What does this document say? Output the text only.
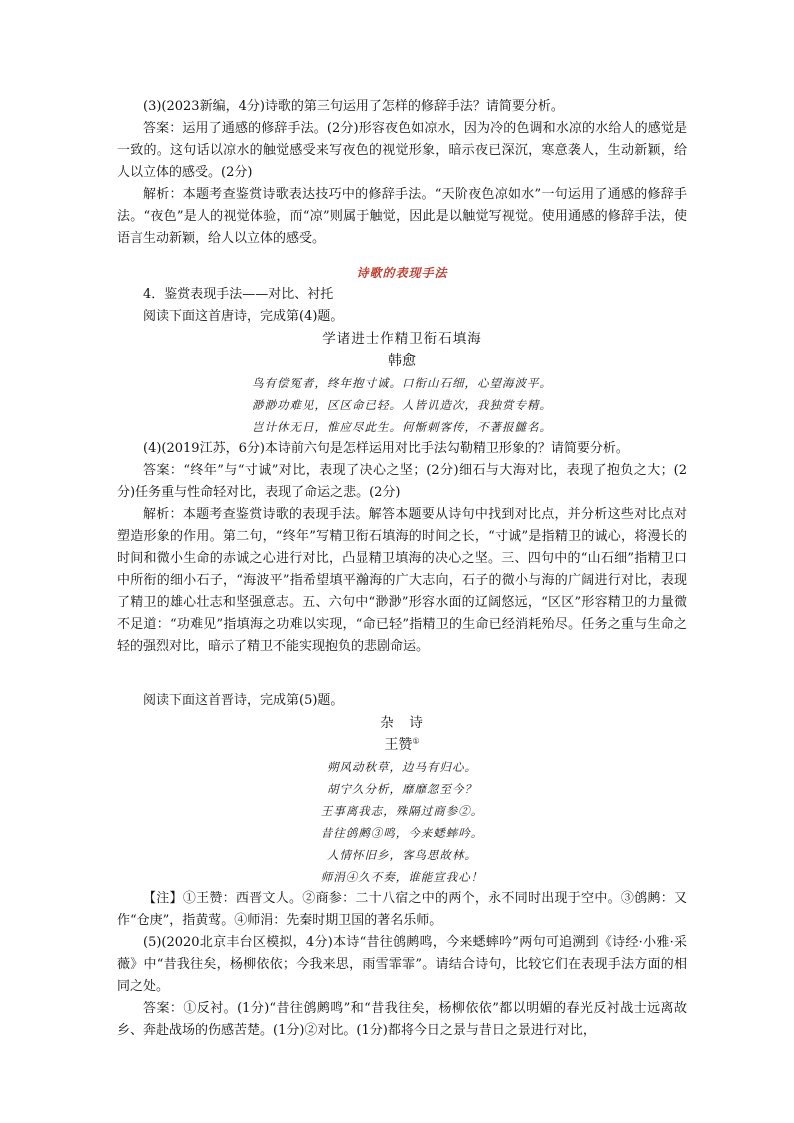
(3)(2023新编，4分)诗歌的第三句运用了怎样的修辞手法？请简要分析。

答案：运用了通感的修辞手法。(2分)形容夜色如凉水，因为冷的色调和水凉的水给人的感觉是一致的。这句话以凉水的触觉感受来写夜色的视觉形象，暗示夜已深沉，寒意袭人，生动新颖，给人以立体的感受。(2分)

解析：本题考查鉴赏诗歌表达技巧中的修辞手法。“天阶夜色凉如水”一句运用了通感的修辞手法。“夜色”是人的视觉体验，而“凉”则属于触觉，因此是以触觉写视觉。使用通感的修辞手法，使语言生动新颖，给人以立体的感受。

诗歌的表现手法

4．鉴赏表现手法——对比、衬托

阅读下面这首唐诗，完成第(4)题。

学诸进士作精卫衔石填海

韩愈

鸟有偿冤者，终年抱寸诚。口衔山石细，心望海波平。

渺渺功难见，区区命已轻。人皆讥造次，我独赏专精。

岂计休无日，惟应尽此生。何惭刺客传，不著报雠名。

(4)(2019江苏，6分)本诗前六句是怎样运用对比手法勾勒精卫形象的？请简要分析。

答案：“终年”与“寸诚”对比，表现了决心之坚；(2分)细石与大海对比，表现了抱负之大；(2分)任务重与性命轻对比，表现了命运之悲。(2分)

解析：本题考查鉴赏诗歌的表现手法。解答本题要从诗句中找到对比点，并分析这些对比点对塑造形象的作用。第二句，“终年”写精卫衔石填海的时间之长，“寸诚”是指精卫的诚心，将漫长的时间和微小生命的赤诚之心进行对比，凸显精卫填海的决心之坚。三、四句中的“山石细”指精卫口中所衔的细小石子，“海波平”指希望填平瀚海的广大志向，石子的微小与海的广阔进行对比，表现了精卫的雄心壮志和坚强意志。五、六句中“渺渺”形容水面的辽阔悠远，“区区”形容精卫的力量微不足道：“功难见”指填海之功难以实现，“命已轻”指精卫的生命已经消耗殆尽。任务之重与生命之轻的强烈对比，暗示了精卫不能实现抱负的悲剧命运。

阅读下面这首晋诗，完成第(5)题。

杂　诗

王赞①

朔风动秋草，边马有归心。

胡宁久分析，靡靡忽至今？

王事离我志，殊隔过商参②。

昔往鸧鹒③鸣，今来蟋蟀吟。

人情怀旧乡，客鸟思故林。

师涓④久不奏，谁能宣我心！

【注】①王赞：西晋文人。②商参：二十八宿之中的两个，永不同时出现于空中。③鸧鹒：又作“仓庚”，指黄莺。④师涓：先秦时期卫国的著名乐师。

(5)(2020北京丰台区模拟，4分)本诗“昔往鸧鹒鸣，今来蟋蟀吟”两句可追溯到《诗经·小雅·采薇》中“昔我往矣，杨柳依依；今我来思，雨雪霏霏”。请结合诗句，比较它们在表现手法方面的相同之处。

答案：①反衬。(1分)“昔往鸧鹒鸣”和“昔我往矣，杨柳依依”都以明媚的春光反衬战士远离故乡、奔赴战场的伤感苦楚。(1分)②对比。(1分)都将今日之景与昔日之景进行对比，
